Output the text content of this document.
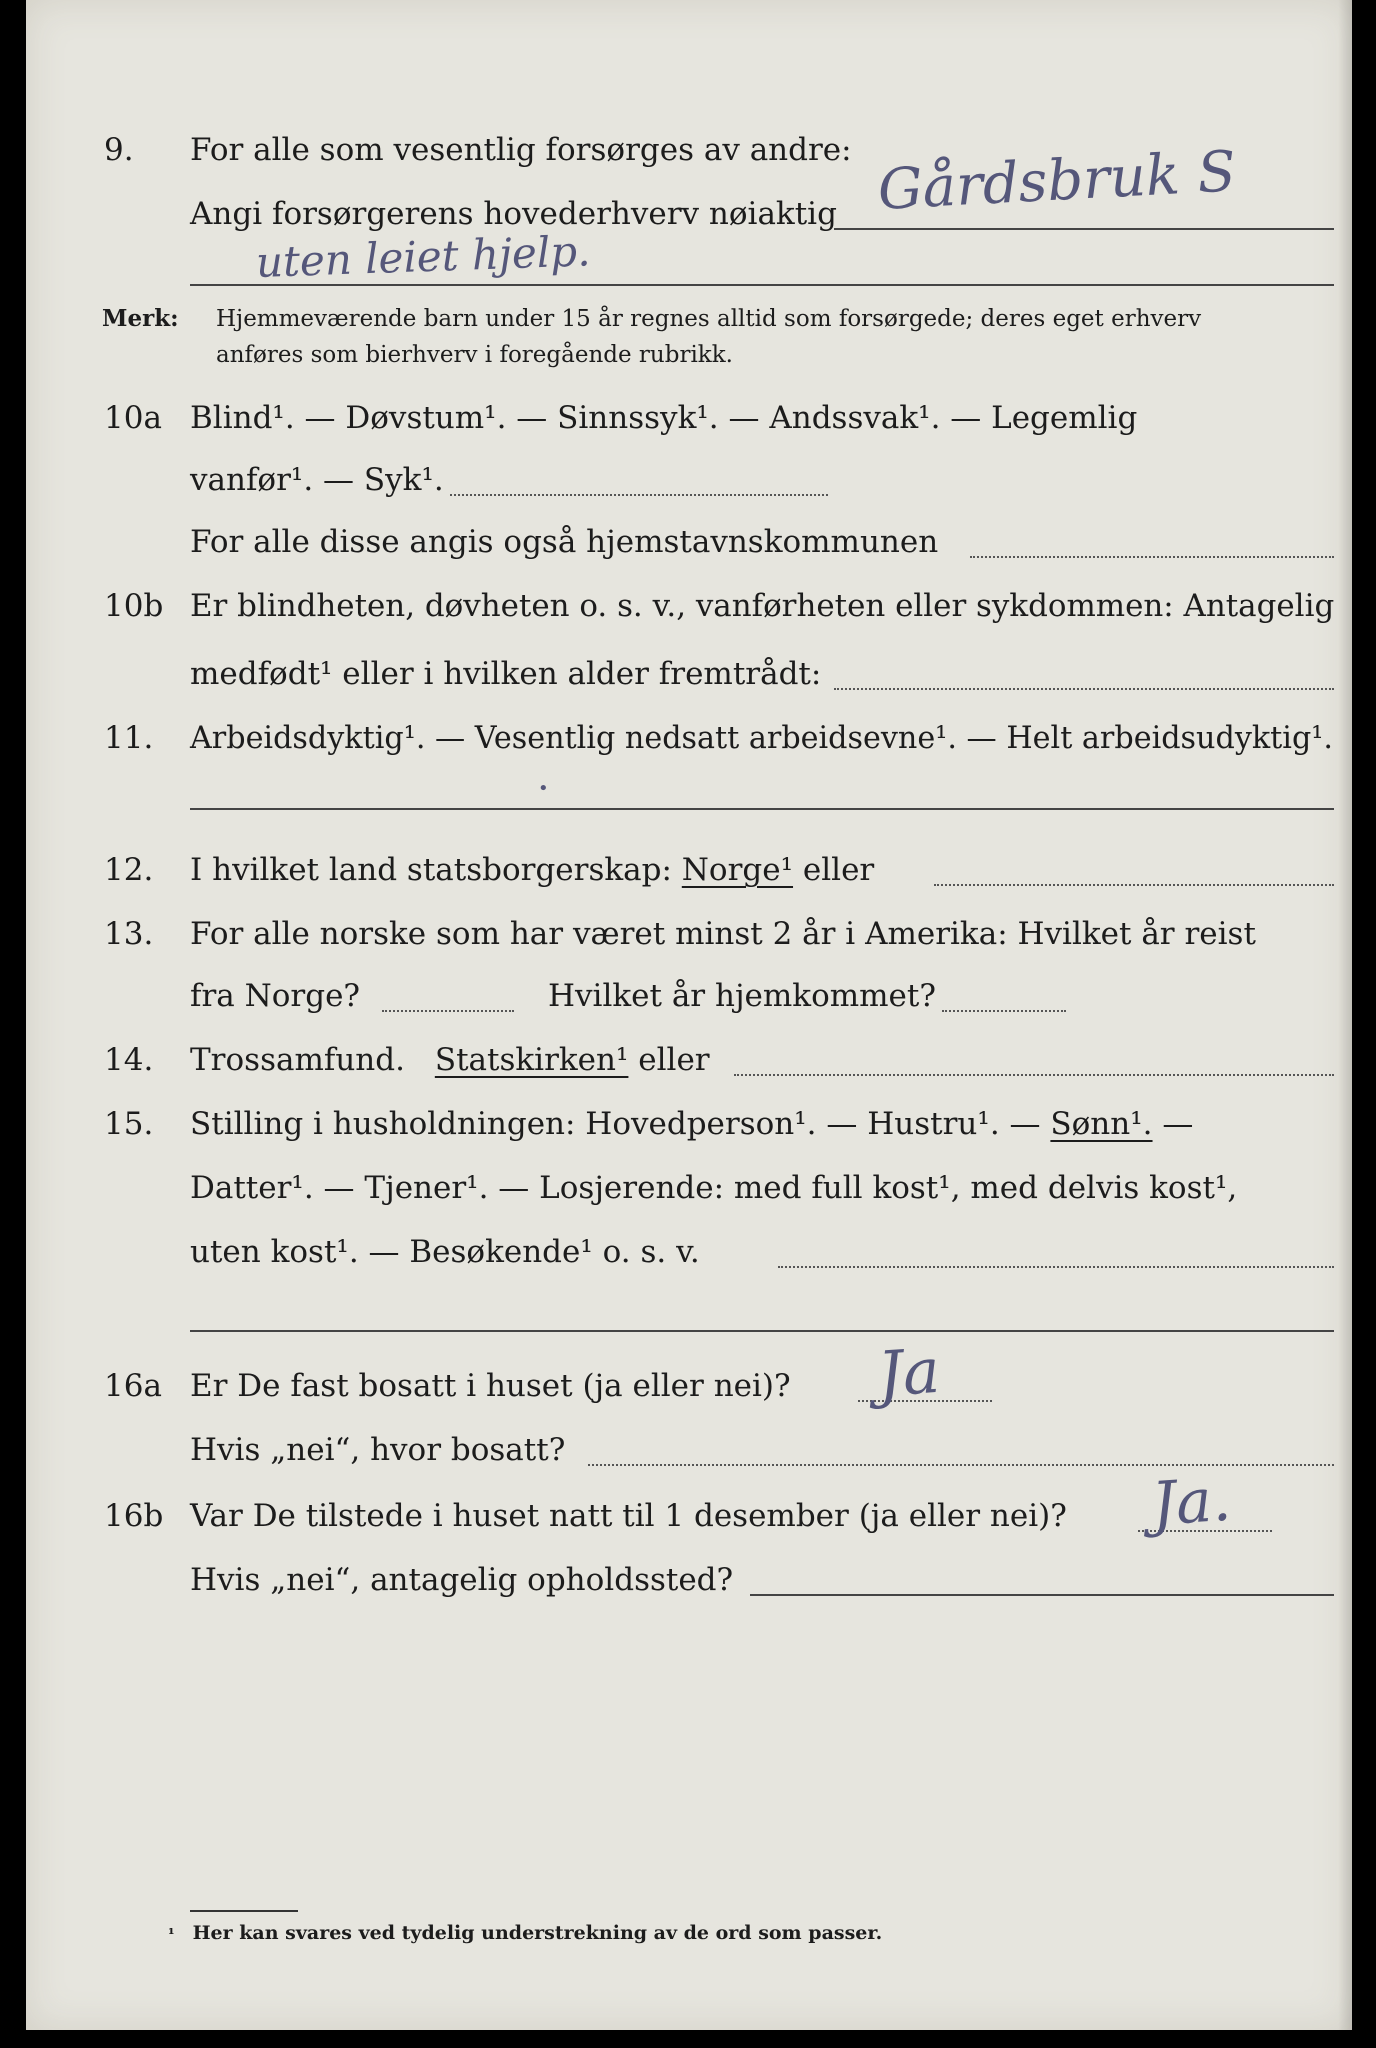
9. For alle som vesentlig forsørges av andre:
Angi forsørgerens hovederhverv nøiaktig Gårdsbruk S
uten leiet hjelp.
Merk: Hjemmeværende barn under 15 år regnes alltid som forsørgede; deres eget erhverv
anføres som bierhverv i foregående rubrikk.
10a Blind¹. — Døvstum¹. — Sinnssyk¹. — Andssvak¹. — Legemlig
vanfør¹. — Syk¹.
For alle disse angis også hjemstavnskommunen
10b Er blindheten, døvheten o. s. v., vanførheten eller sykdommen: Antagelig
medfødt¹ eller i hvilken alder fremtrådt:
11. Arbeidsdyktig¹. — Vesentlig nedsatt arbeidsevne¹. — Helt arbeidsudyktig¹.
•
12. I hvilket land statsborgerskap: Norge¹ eller
13. For alle norske som har været minst 2 år i Amerika: Hvilket år reist
fra Norge?	Hvilket år hjemkommet?
14. Trossamfund. Statskirken¹ eller
15. Stilling i husholdningen: Hovedperson¹. — Hustru¹. — Sønn¹. —
Datter¹. — Tjener¹. — Losjerende: med full kost¹, med delvis kost¹,
uten kost¹. — Besøkende¹ o. s. v.
16a Er De fast bosatt i huset (ja eller nei)? Ja
Hvis „nei“, hvor bosatt?
16b Var De tilstede i huset natt til 1 desember (ja eller nei)? Ja.
Hvis „nei“, antagelig opholdssted?
¹ Her kan svares ved tydelig understrekning av de ord som passer.
